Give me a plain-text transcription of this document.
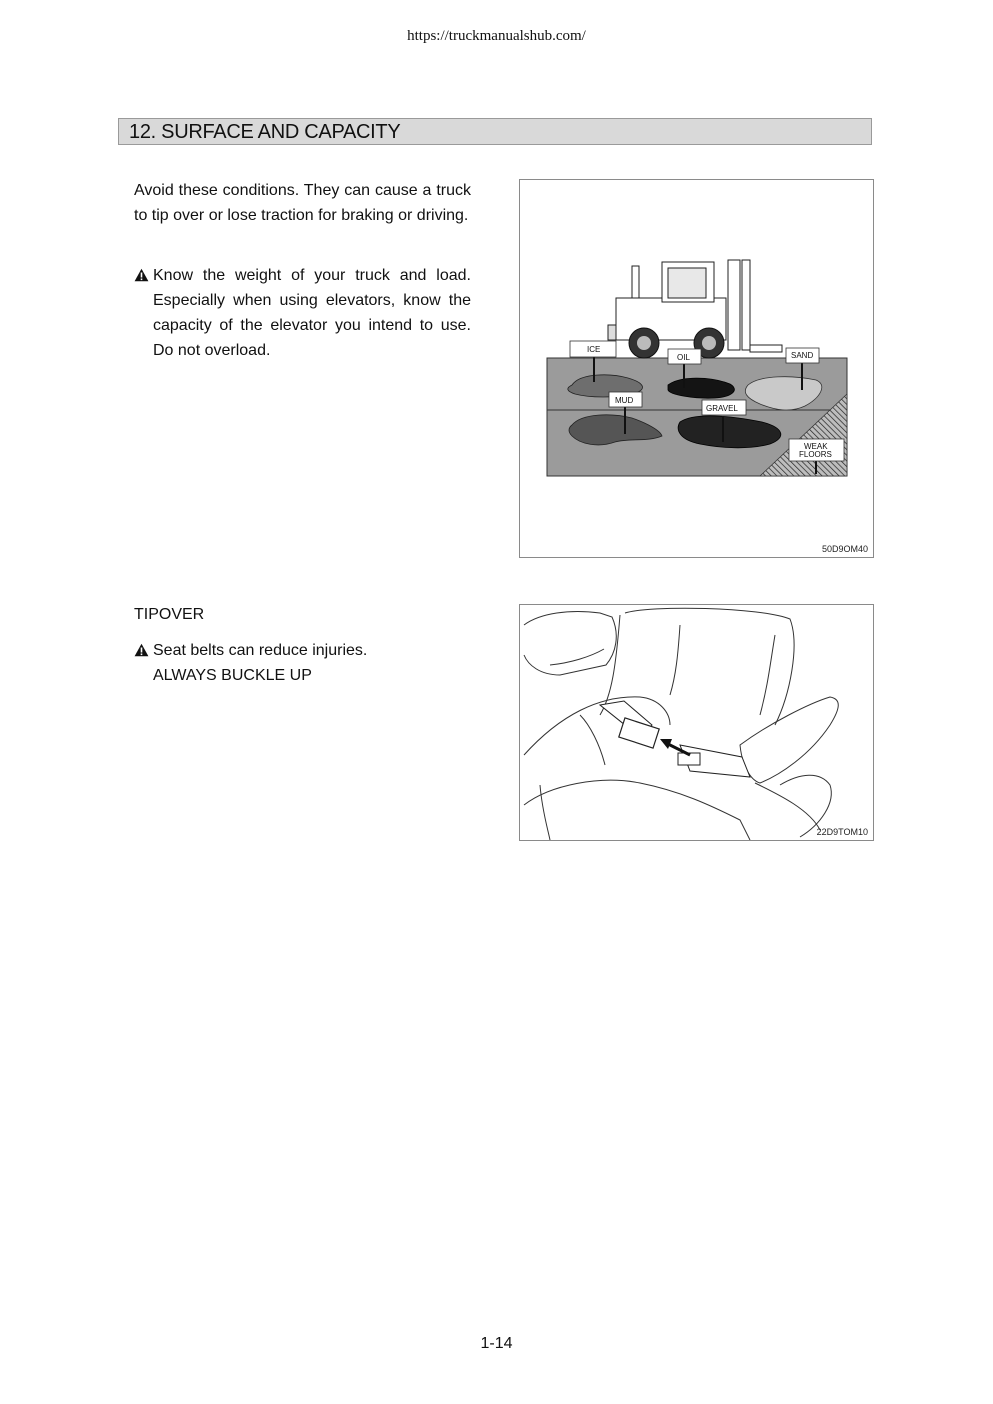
https://truckmanualshub.com/
12. SURFACE AND CAPACITY
Avoid these conditions. They can cause a truck to tip over or lose traction for braking or driving.
Know the weight of your truck and load. Especially when using elevators, know the capacity of the elevator you intend to use. Do not overload.	ICE
OIL	SAND
MUD
GRAVEL
WEAK
FLOORS
50D9OM40
TIPOVER
Seat belts can reduce injuries.
ALWAYS BUCKLE UP
22D9TOM10
1-14
